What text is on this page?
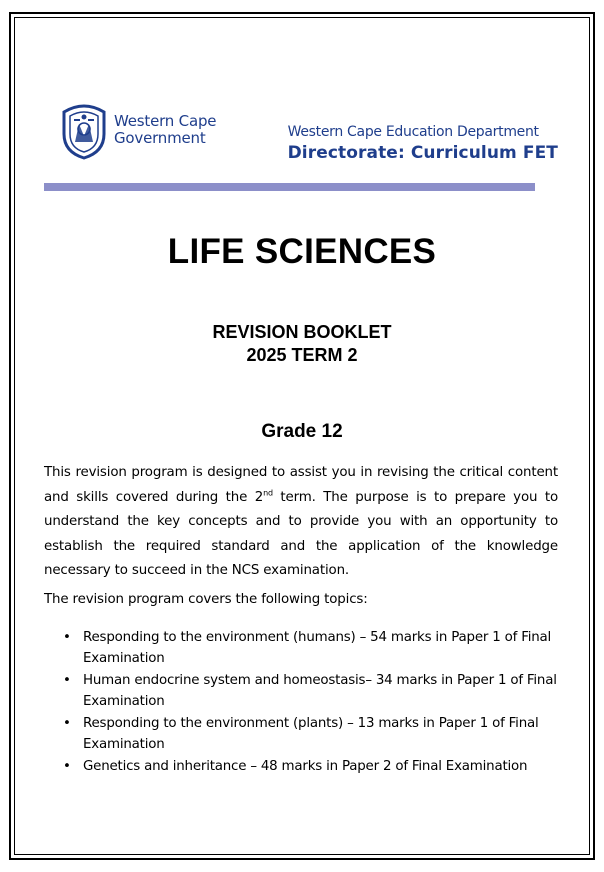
Western Cape
Government	Western Cape Education Department
Directorate: Curriculum FET
LIFE SCIENCES
REVISION BOOKLET
2025 TERM 2
Grade 12
This revision program is designed to assist you in revising the critical content and skills covered during the 2nd term. The purpose is to prepare you to understand the key concepts and to provide you with an opportunity to establish the required standard and the application of the knowledge necessary to succeed in the NCS examination.
The revision program covers the following topics:
• Responding to the environment (humans) – 54 marks in Paper 1 of Final Examination
• Human endocrine system and homeostasis– 34 marks in Paper 1 of Final Examination
• Responding to the environment (plants) – 13 marks in Paper 1 of Final Examination
• Genetics and inheritance – 48 marks in Paper 2 of Final Examination
